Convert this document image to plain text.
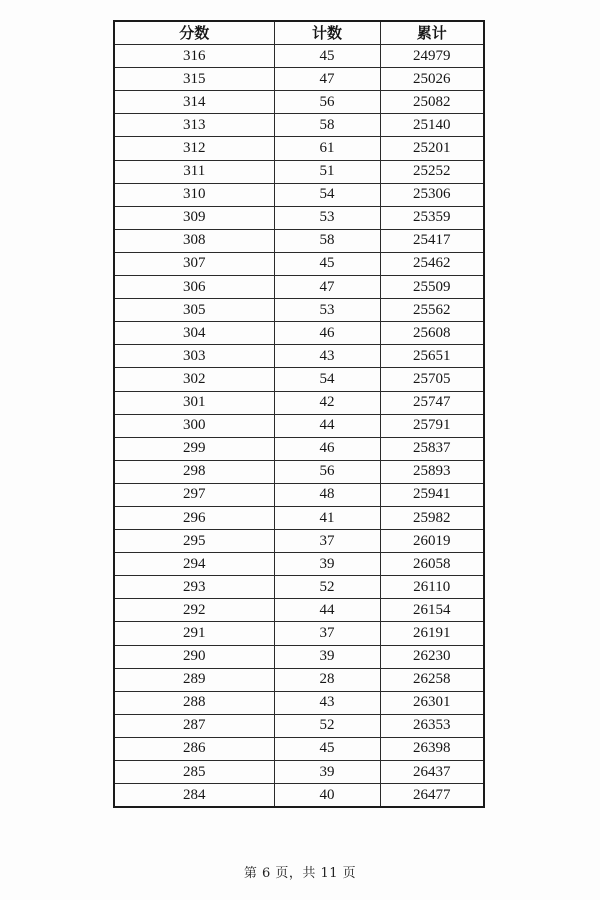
分数	计数	累计
316	45	24979
315	47	25026
314	56	25082
313	58	25140
312	61	25201
311	51	25252
310	54	25306
309	53	25359
308	58	25417
307	45	25462
306	47	25509
305	53	25562
304	46	25608
303	43	25651
302	54	25705
301	42	25747
300	44	25791
299	46	25837
298	56	25893
297	48	25941
296	41	25982
295	37	26019
294	39	26058
293	52	26110
292	44	26154
291	37	26191
290	39	26230
289	28	26258
288	43	26301
287	52	26353
286	45	26398
285	39	26437
284	40	26477
第 6 页，共 11 页
